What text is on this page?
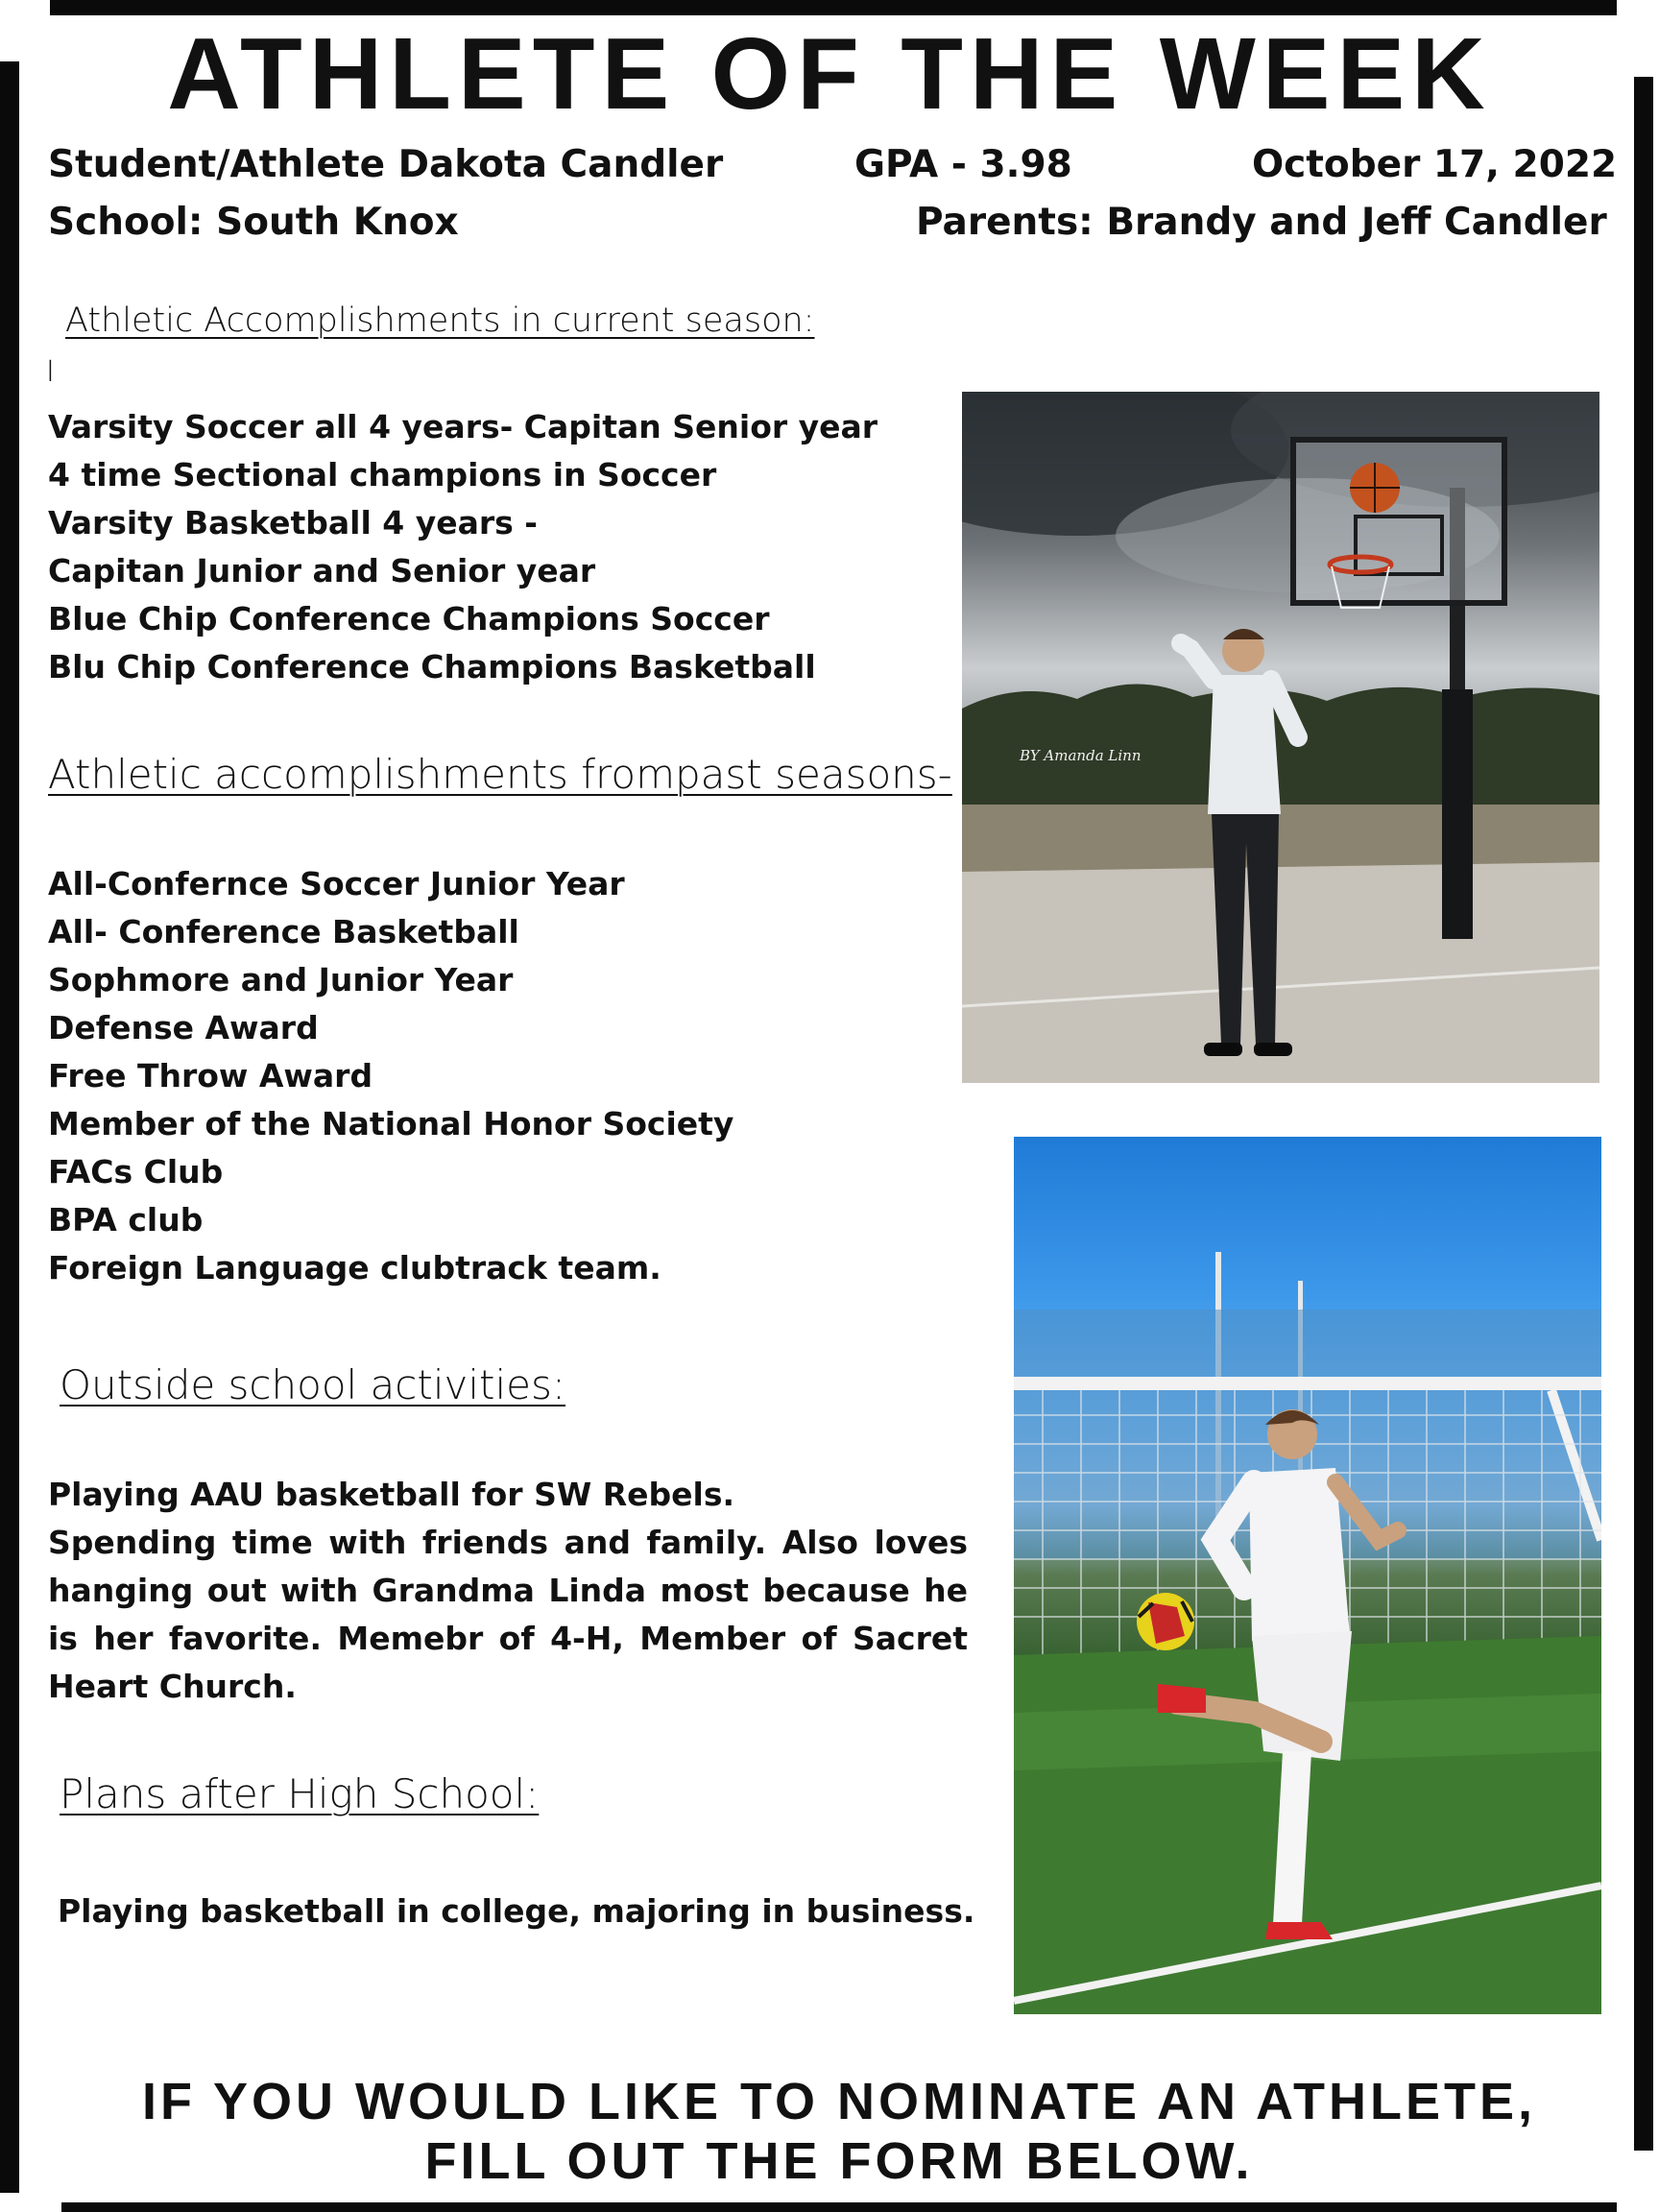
ATHLETE OF THE WEEK
Student/Athlete Dakota Candler	GPA - 3.98	October 17, 2022
School: South Knox	Parents: Brandy and Jeff Candler
Athletic Accomplishments in current season:
I
Varsity Soccer all 4 years- Capitan Senior year
4 time Sectional champions in Soccer
Varsity Basketball 4 years -
Capitan Junior and Senior year
Blue Chip Conference Champions Soccer
Blu Chip Conference Champions Basketball
Athletic accomplishments frompast seasons-
All-Confernce Soccer Junior Year
All- Conference Basketball
Sophmore and Junior Year
Defense Award
Free Throw Award
Member of the National Honor Society
FACs Club
BPA club
Foreign Language clubtrack team.
Outside school activities:
Playing AAU basketball for SW Rebels.
Spending time with friends and family. Also loves hanging out with Grandma Linda most because he is her favorite. Memebr of 4-H, Member of Sacret Heart Church.
Plans after High School:
Playing basketball in college, majoring in business.
IF YOU WOULD LIKE TO NOMINATE AN ATHLETE,
FILL OUT THE FORM BELOW.
BY Amanda Linn
